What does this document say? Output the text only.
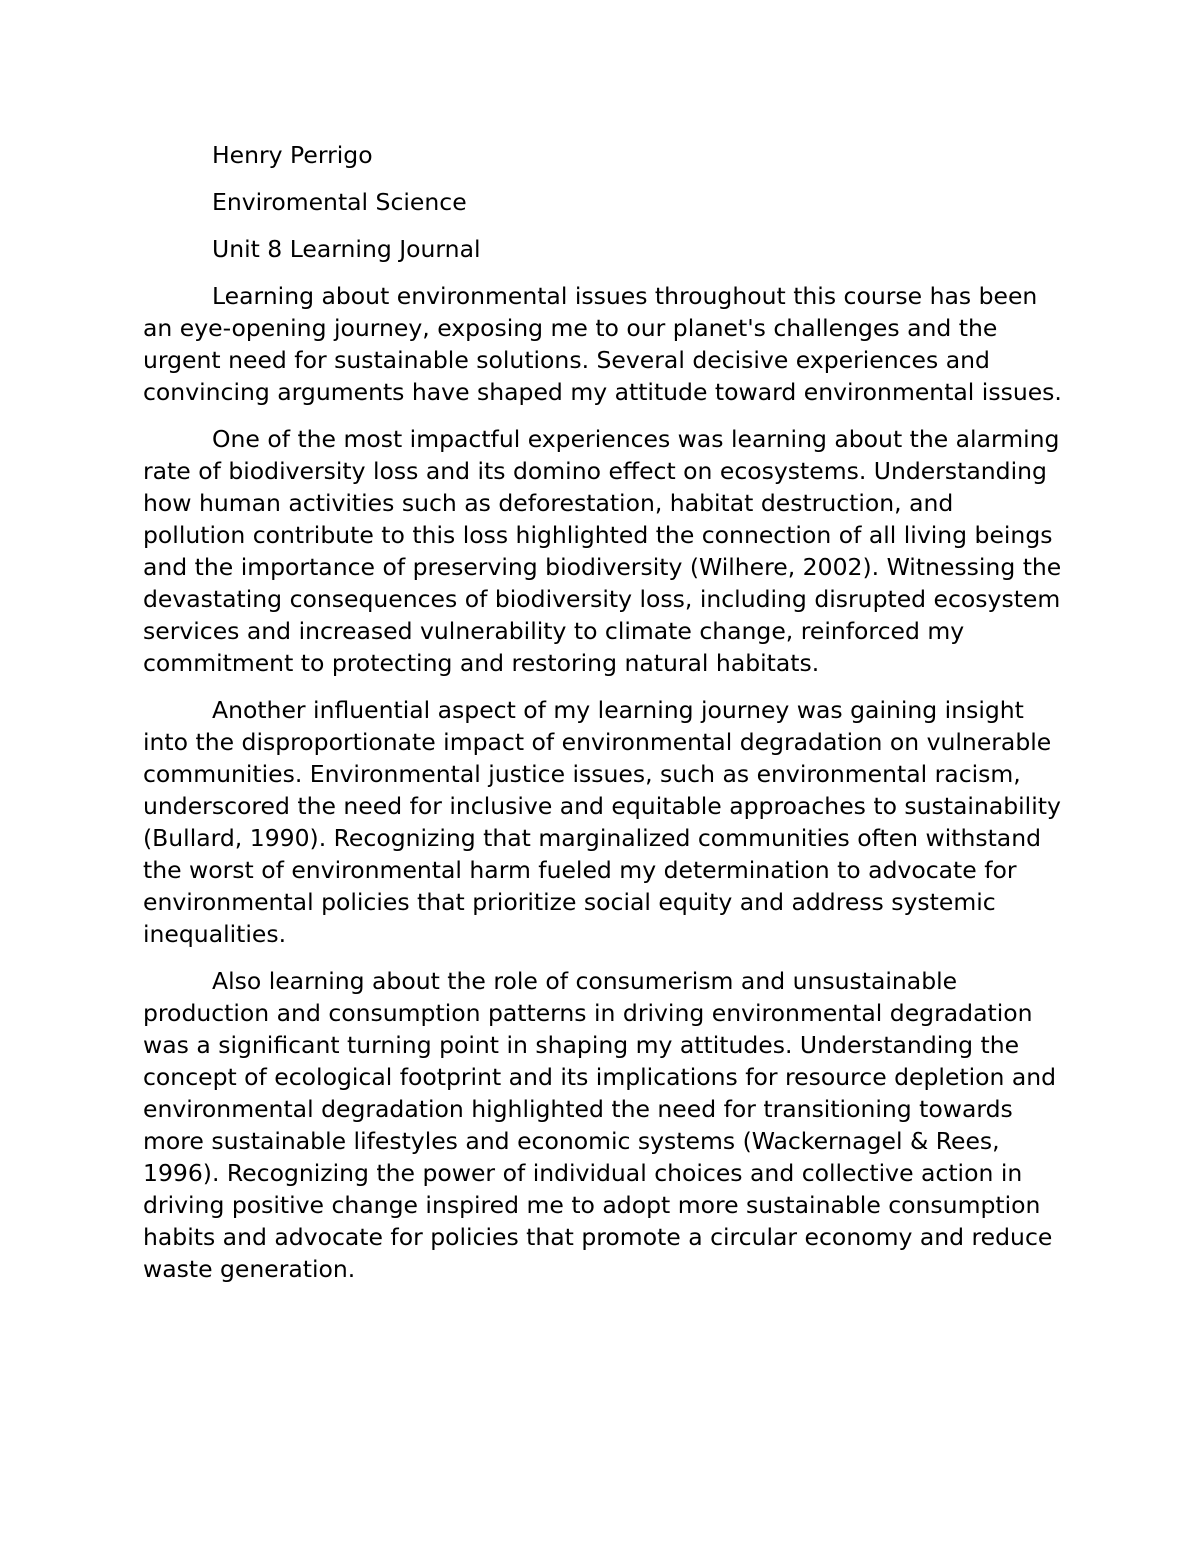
Henry Perrigo

Enviromental Science

Unit 8 Learning Journal

Learning about environmental issues throughout this course has been an eye-opening journey, exposing me to our planet's challenges and the urgent need for sustainable solutions. Several decisive experiences and convincing arguments have shaped my attitude toward environmental issues.

One of the most impactful experiences was learning about the alarming rate of biodiversity loss and its domino effect on ecosystems. Understanding how human activities such as deforestation, habitat destruction, and pollution contribute to this loss highlighted the connection of all living beings and the importance of preserving biodiversity (Wilhere, 2002). Witnessing the devastating consequences of biodiversity loss, including disrupted ecosystem services and increased vulnerability to climate change, reinforced my commitment to protecting and restoring natural habitats.

Another influential aspect of my learning journey was gaining insight into the disproportionate impact of environmental degradation on vulnerable communities. Environmental justice issues, such as environmental racism, underscored the need for inclusive and equitable approaches to sustainability (Bullard, 1990). Recognizing that marginalized communities often withstand the worst of environmental harm fueled my determination to advocate for environmental policies that prioritize social equity and address systemic inequalities.

Also learning about the role of consumerism and unsustainable production and consumption patterns in driving environmental degradation was a significant turning point in shaping my attitudes. Understanding the concept of ecological footprint and its implications for resource depletion and environmental degradation highlighted the need for transitioning towards more sustainable lifestyles and economic systems (Wackernagel & Rees, 1996). Recognizing the power of individual choices and collective action in driving positive change inspired me to adopt more sustainable consumption habits and advocate for policies that promote a circular economy and reduce waste generation.
